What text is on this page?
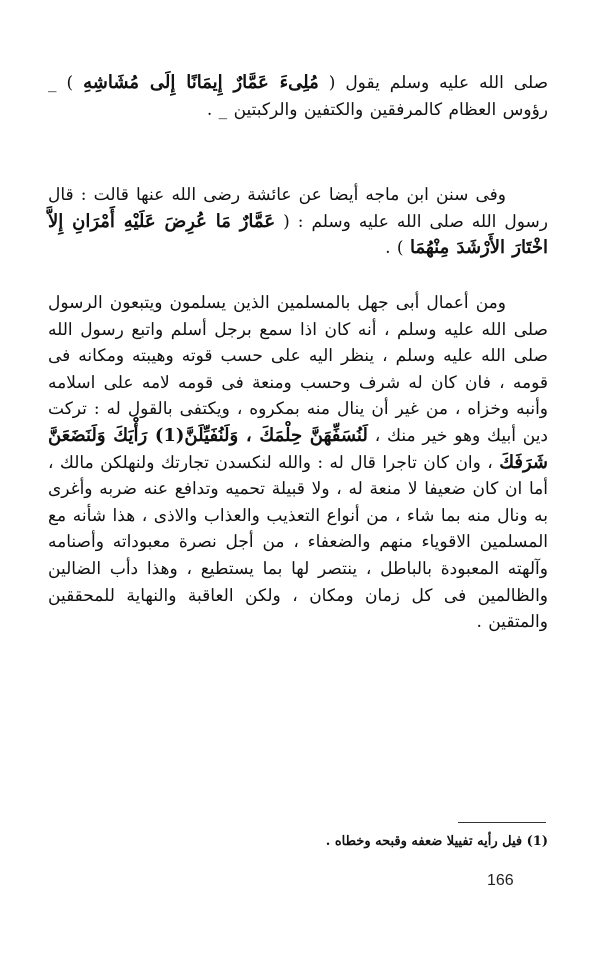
صلى الله عليه وسلم يقول ( مُلِىءَ عَمَّارٌ إِيمَانًا إِلَى مُشَاشِهِ ) _ رؤوس العظام كالمرفقين والكتفين والركبتين _ .
وفى سنن ابن ماجه أيضا عن عائشة رضى الله عنها قالت : قال رسول الله صلى الله عليه وسلم : ( عَمَّارٌ مَا عُرِضَ عَلَيْهِ أَمْرَانِ إِلاَّ اخْتَارَ الأَرْشَدَ مِنْهُمَا ) .
ومن أعمال أبى جهل بالمسلمين الذين يسلمون ويتبعون الرسول صلى الله عليه وسلم ، أنه كان اذا سمع برجل أسلم واتبع رسول الله صلى الله عليه وسلم ، ينظر اليه على حسب قوته وهيبته ومكانه فى قومه ، فان كان له شرف وحسب ومنعة فى قومه لامه على اسلامه وأنبه وخزاه ، من غير أن ينال منه بمكروه ، ويكتفى بالقول له : تركت دين أبيك وهو خير منك ، لَنُسَفِّهَنَّ حِلْمَكَ ، وَلَنُفَيِّلَنَّ(1) رَأْيَكَ وَلَنَضَعَنَّ شَرَفَكَ ، وان كان تاجرا قال له : والله لنكسدن تجارتك ولنهلكن مالك ، أما ان كان ضعيفا لا منعة له ، ولا قبيلة تحميه وتدافع عنه ضربه وأغرى به ونال منه بما شاء ، من أنواع التعذيب والعذاب والاذى ، هذا شأنه مع المسلمين الاقوياء منهم والضعفاء ، من أجل نصرة معبوداته وأصنامه وآلهته المعبودة بالباطل ، ينتصر لها بما يستطيع ، وهذا دأب الضالين والظالمين فى كل زمان ومكان ، ولكن العاقبة والنهاية للمحققين والمتقين .
(1) فيل رأيه تفييلا ضعفه وقبحه وخطاه .
166
